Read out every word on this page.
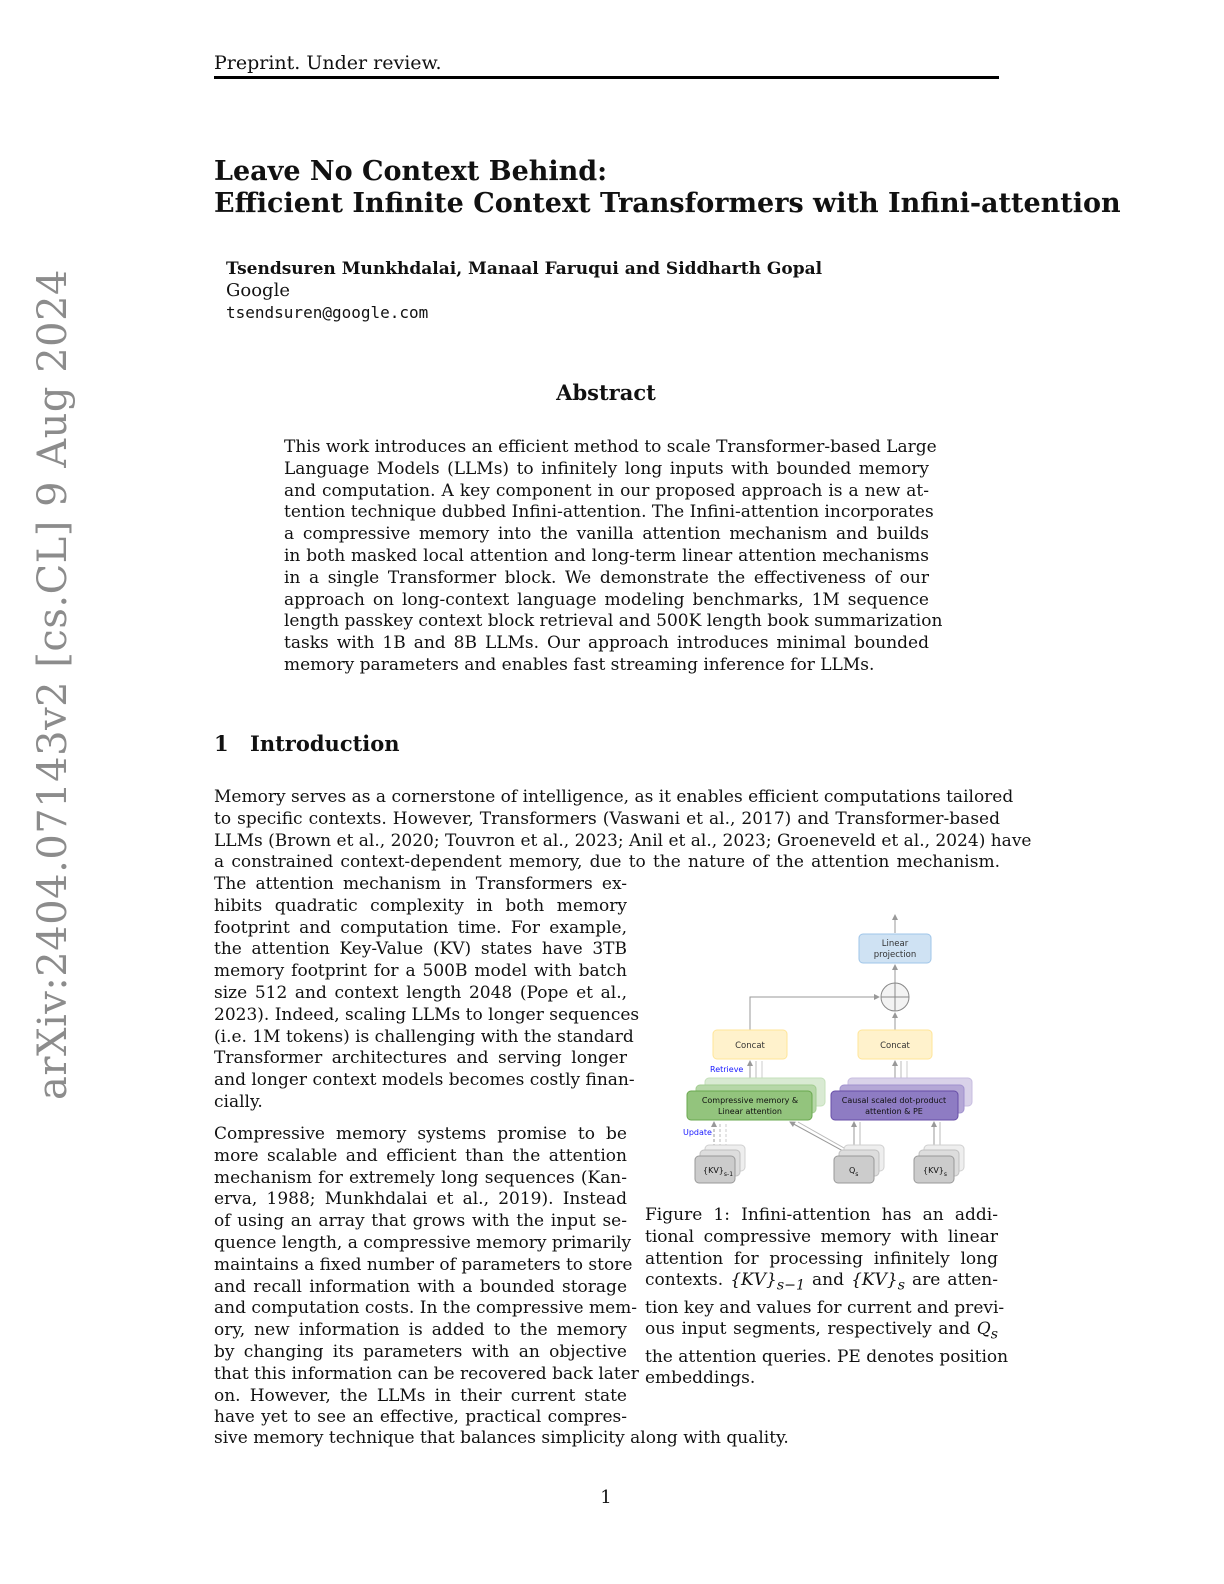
Preprint. Under review.
arXiv:2404.07143v2 [cs.CL] 9 Aug 2024
Leave No Context Behind:
Efficient Infinite Context Transformers with Infini-attention
Tsendsuren Munkhdalai, Manaal Faruqui and Siddharth Gopal
Google
tsendsuren@google.com
Abstract
This work introduces an efficient method to scale Transformer-based Large
Language Models (LLMs) to infinitely long inputs with bounded memory
and computation. A key component in our proposed approach is a new at-
tention technique dubbed Infini-attention. The Infini-attention incorporates
a compressive memory into the vanilla attention mechanism and builds
in both masked local attention and long-term linear attention mechanisms
in a single Transformer block. We demonstrate the effectiveness of our
approach on long-context language modeling benchmarks, 1M sequence
length passkey context block retrieval and 500K length book summarization
tasks with 1B and 8B LLMs. Our approach introduces minimal bounded
memory parameters and enables fast streaming inference for LLMs.
1 Introduction
Memory serves as a cornerstone of intelligence, as it enables efficient computations tailored
to specific contexts. However, Transformers (Vaswani et al., 2017) and Transformer-based
LLMs (Brown et al., 2020; Touvron et al., 2023; Anil et al., 2023; Groeneveld et al., 2024) have
a constrained context-dependent memory, due to the nature of the attention mechanism.
The attention mechanism in Transformers ex-
hibits quadratic complexity in both memory
footprint and computation time. For example,
the attention Key-Value (KV) states have 3TB
memory footprint for a 500B model with batch
size 512 and context length 2048 (Pope et al.,
2023). Indeed, scaling LLMs to longer sequences
(i.e. 1M tokens) is challenging with the standard
Transformer architectures and serving longer
and longer context models becomes costly finan-
cially.
Compressive memory systems promise to be
more scalable and efficient than the attention
mechanism for extremely long sequences (Kan-
erva, 1988; Munkhdalai et al., 2019). Instead
of using an array that grows with the input se-
quence length, a compressive memory primarily
maintains a fixed number of parameters to store
and recall information with a bounded storage
and computation costs. In the compressive mem-
ory, new information is added to the memory
by changing its parameters with an objective
that this information can be recovered back later
on. However, the LLMs in their current state
have yet to see an effective, practical compres-
sive memory technique that balances simplicity along with quality.
Linear
projection
Concat	Concat
Retrieve
Compressive memory &
Linear attention
Causal scaled dot-product
attention & PE
Update
$\{KV\}_{s-1}$	$Q_s$	$\{KV\}_s$
Figure 1: Infini-attention has an addi-
tional compressive memory with linear
attention for processing infinitely long
contexts. $\{KV\}_{s-1}$ and $\{KV\}_s$ are atten-
tion key and values for current and previ-
ous input segments, respectively and $Q_s$
the attention queries. PE denotes position
embeddings.
1
